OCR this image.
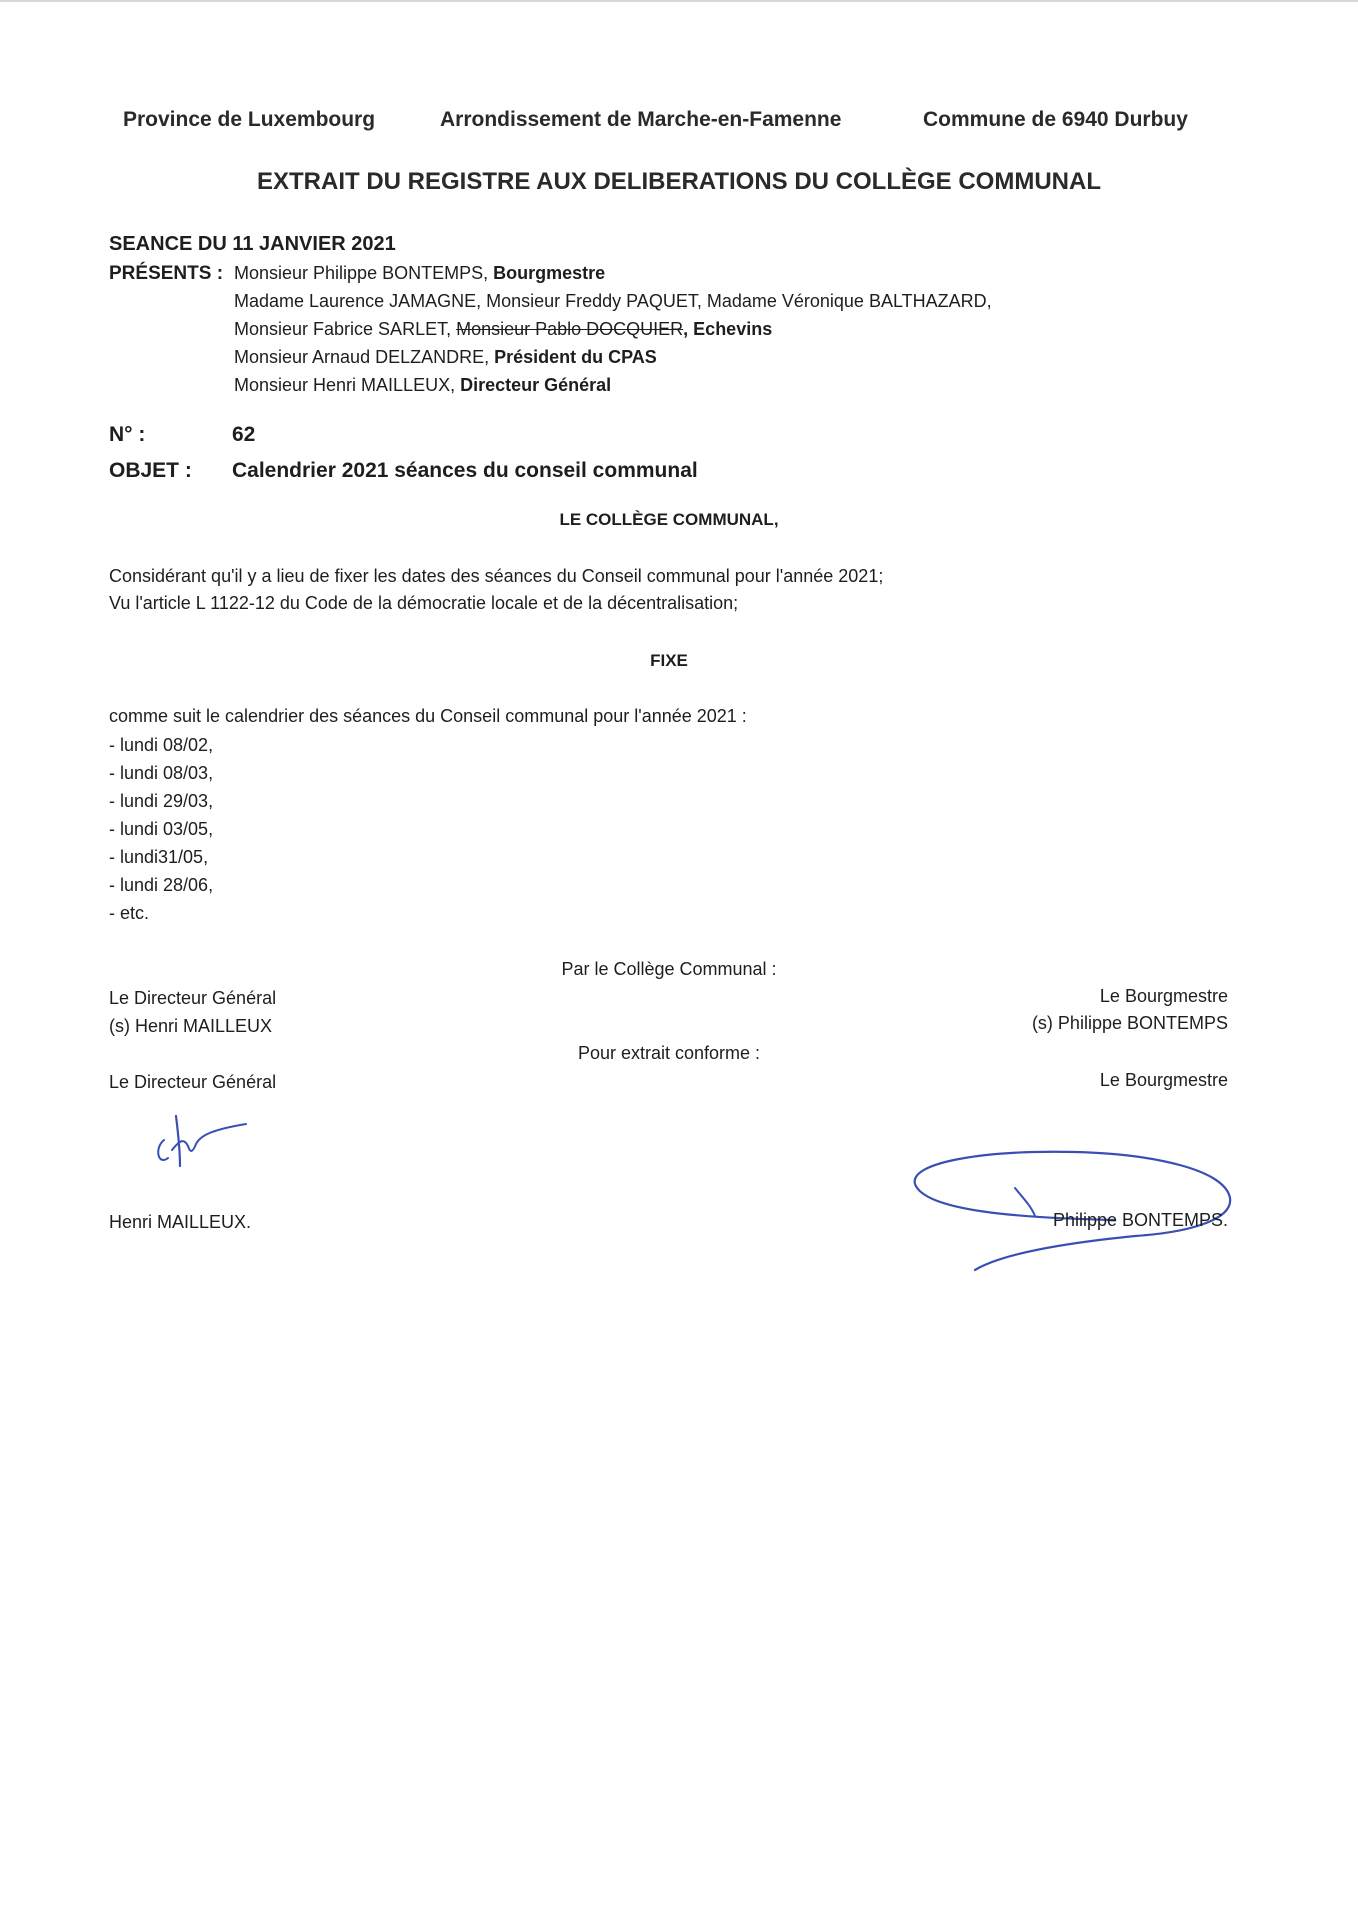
Province de Luxembourg	Arrondissement de Marche-en-Famenne	Commune de 6940 Durbuy
EXTRAIT DU REGISTRE AUX DELIBERATIONS DU COLLÈGE COMMUNAL
SEANCE DU 11 JANVIER 2021
PRÉSENTS : Monsieur Philippe BONTEMPS, Bourgmestre
Madame Laurence JAMAGNE, Monsieur Freddy PAQUET, Madame Véronique BALTHAZARD,
Monsieur Fabrice SARLET, Monsieur Pablo DOCQUIER, Echevins
Monsieur Arnaud DELZANDRE, Président du CPAS
Monsieur Henri MAILLEUX, Directeur Général
N° :	62
OBJET : Calendrier 2021 séances du conseil communal
LE COLLÈGE COMMUNAL,
Considérant qu'il y a lieu de fixer les dates des séances du Conseil communal pour l'année 2021;
Vu l'article L 1122-12 du Code de la démocratie locale et de la décentralisation;
FIXE
comme suit le calendrier des séances du Conseil communal pour l'année 2021 :
- lundi 08/02,
- lundi 08/03,
- lundi 29/03,
- lundi 03/05,
- lundi31/05,
- lundi 28/06,
- etc.
Par le Collège Communal :
Le Directeur Général
(s) Henri MAILLEUX
Le Bourgmestre
(s) Philippe BONTEMPS
Pour extrait conforme :
Le Directeur Général	Le Bourgmestre
Henri MAILLEUX.	Philippe BONTEMPS.
